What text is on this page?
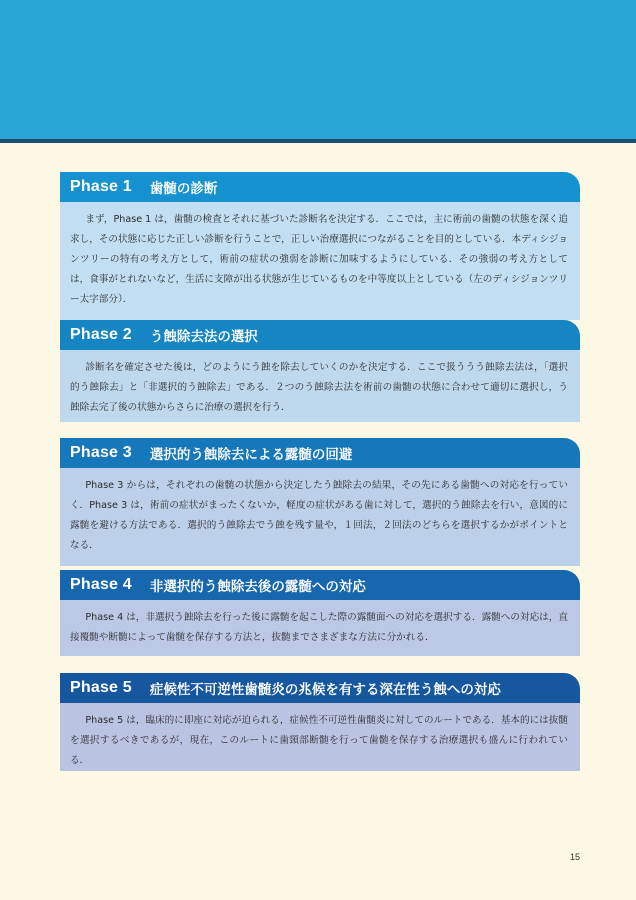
Phase 1 歯髄の診断
まず，Phase 1 は，歯髄の検査とそれに基づいた診断名を決定する．ここでは，主に術前の歯髄の状態を深く追求し，その状態に応じた正しい診断を行うことで，正しい治療選択につながることを目的としている．本ディシジョンツリーの特有の考え方として，術前の症状の強弱を診断に加味するようにしている．その強弱の考え方としては，食事がとれないなど，生活に支障が出る状態が生じているものを中等度以上としている（左のディシジョンツリー太字部分）．
Phase 2 う蝕除去法の選択
診断名を確定させた後は，どのようにう蝕を除去していくのかを決定する．ここで扱ううう蝕除去法は，「選択的う蝕除去」と「非選択的う蝕除去」である．２つのう蝕除去法を術前の歯髄の状態に合わせて適切に選択し，う蝕除去完了後の状態からさらに治療の選択を行う．
Phase 3 選択的う蝕除去による露髄の回避
Phase 3 からは，それぞれの歯髄の状態から決定したう蝕除去の結果，その先にある歯髄への対応を行っていく．Phase 3 は，術前の症状がまったくないか，軽度の症状がある歯に対して，選択的う蝕除去を行い，意図的に露髄を避ける方法である．選択的う蝕除去でう蝕を残す量や，１回法，２回法のどちらを選択するかがポイントとなる．
Phase 4 非選択的う蝕除去後の露髄への対応
Phase 4 は，非選択う蝕除去を行った後に露髄を起こした際の露髄面への対応を選択する．露髄への対応は，直接覆髄や断髄によって歯髄を保存する方法と，抜髄までさまざまな方法に分かれる．
Phase 5 症候性不可逆性歯髄炎の兆候を有する深在性う蝕への対応
Phase 5 は，臨床的に即座に対応が迫られる，症候性不可逆性歯髄炎に対してのルートである．基本的には抜髄を選択するべきであるが，現在，このルートに歯頸部断髄を行って歯髄を保存する治療選択も盛んに行われている．
15
